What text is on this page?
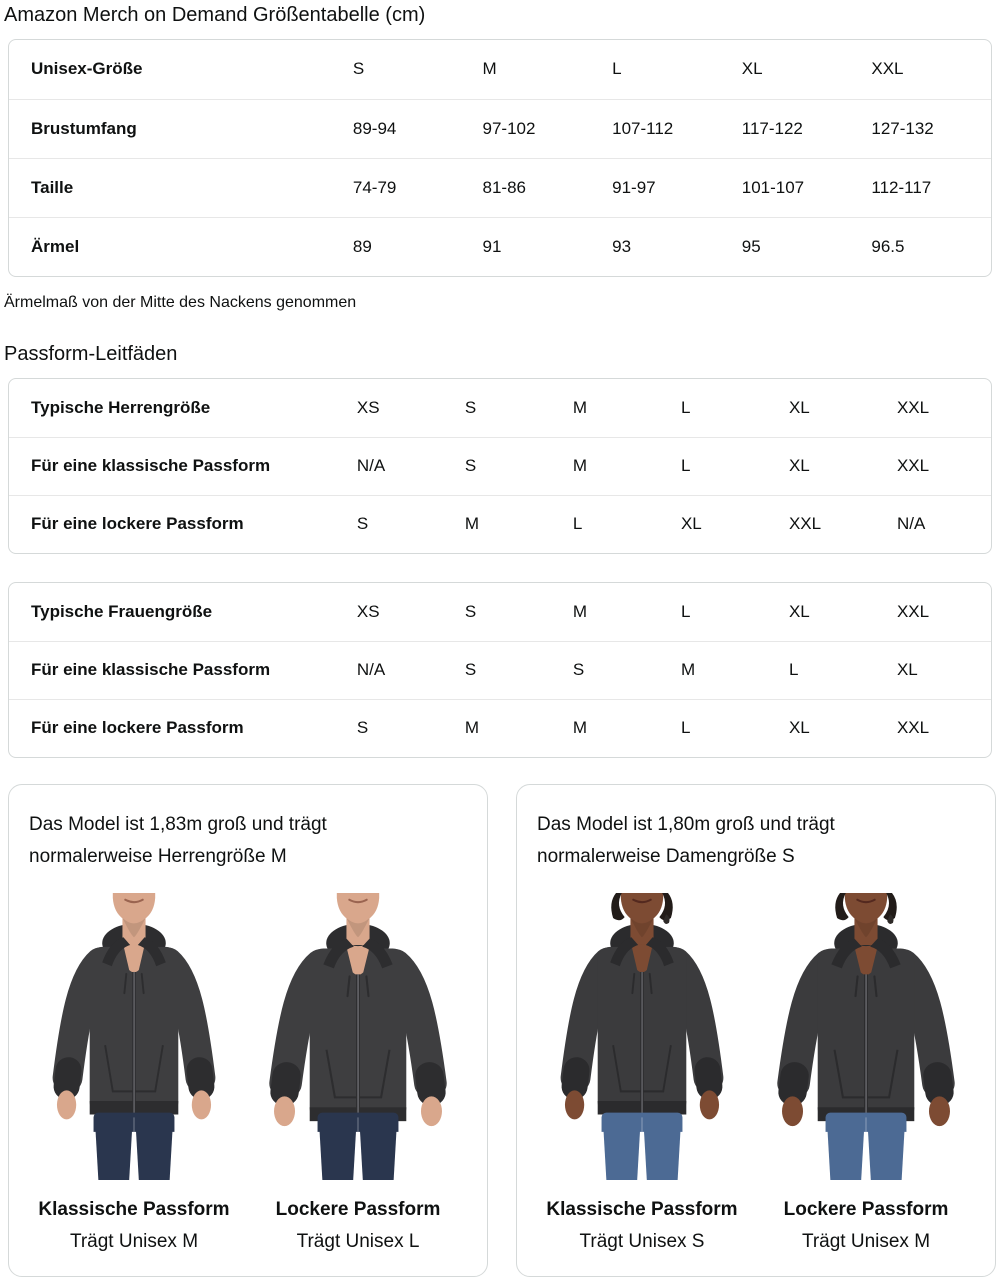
Amazon Merch on Demand Größentabelle (cm)
Unisex-Größe	S	M	L	XL	XXL
Brustumfang	89-94	97-102	107-112	117-122	127-132
Taille	74-79	81-86	91-97	101-107	112-117
Ärmel	89	91	93	95	96.5

Ärmelmaß von der Mitte des Nackens genommen

Passform-Leitfäden
Typische Herrengröße	XS	S	M	L	XL	XXL
Für eine klassische Passform	N/A	S	M	L	XL	XXL
Für eine lockere Passform	S	M	L	XL	XXL	N/A
Typische Frauengröße	XS	S	M	L	XL	XXL
Für eine klassische Passform	N/A	S	S	M	L	XL
Für eine lockere Passform	S	M	M	L	XL	XXL

Das Model ist 1,83m groß und trägt normalerweise Herrengröße M

Klassische Passform
Trägt Unisex M
Lockere Passform
Trägt Unisex L

Das Model ist 1,80m groß und trägt normalerweise Damengröße S

Klassische Passform
Trägt Unisex S
Lockere Passform
Trägt Unisex M
